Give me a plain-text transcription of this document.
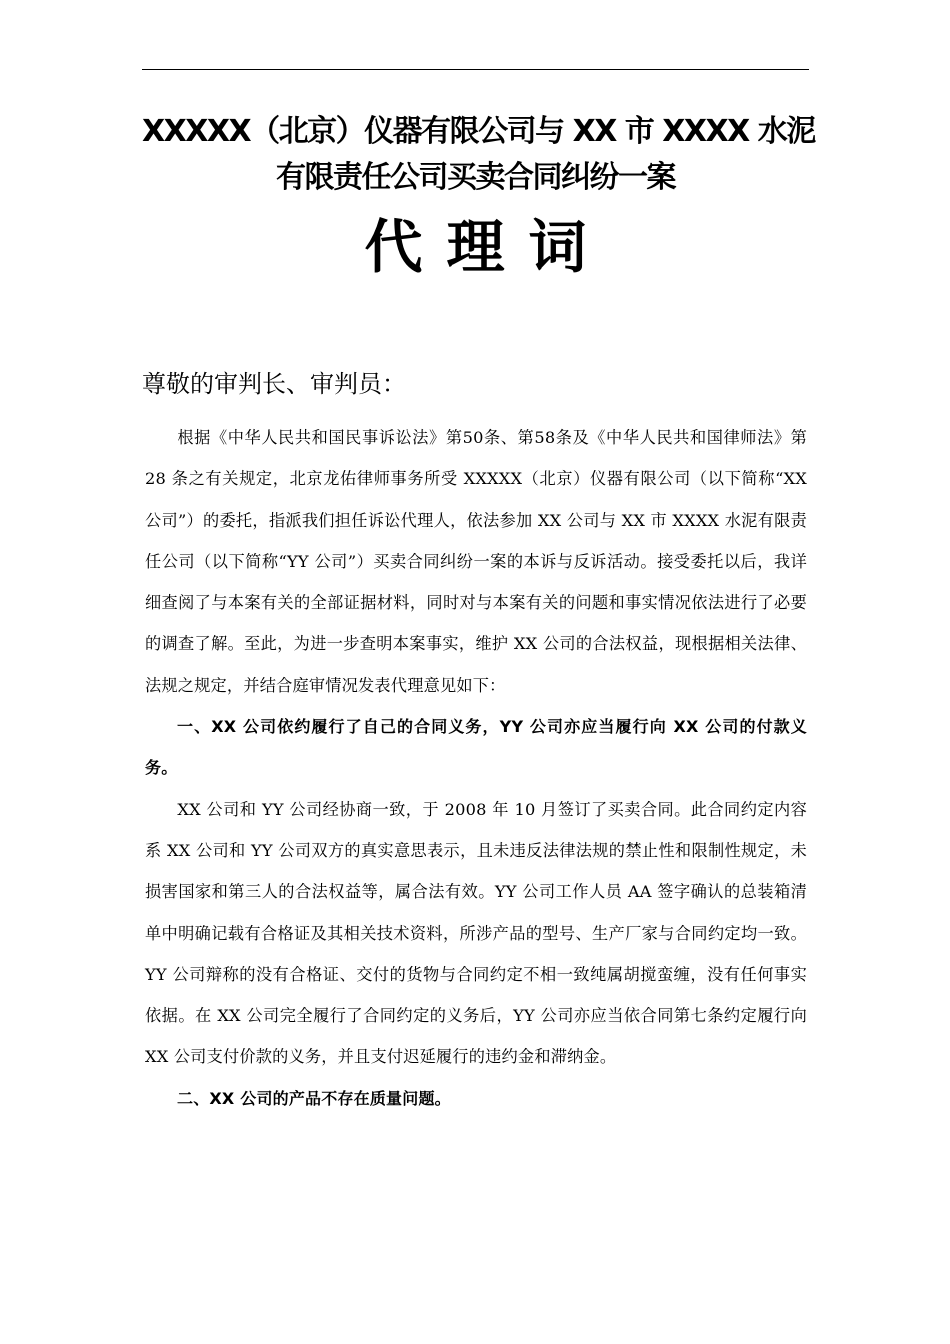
XXXXX（北京）仪器有限公司与 XX 市 XXXX 水泥
有限责任公司买卖合同纠纷一案
代理词
尊敬的审判长、审判员：

根据《中华人民共和国民事诉讼法》第50条、第58条及《中华人民共和国律师法》第 28 条之有关规定，北京龙佑律师事务所受 XXXXX（北京）仪器有限公司（以下简称“XX 公司”）的委托，指派我们担任诉讼代理人，依法参加 XX 公司与 XX 市 XXXX 水泥有限责任公司（以下简称“YY 公司”）买卖合同纠纷一案的本诉与反诉活动。接受委托以后，我详细查阅了与本案有关的全部证据材料，同时对与本案有关的问题和事实情况依法进行了必要的调查了解。至此，为进一步查明本案事实，维护 XX 公司的合法权益，现根据相关法律、法规之规定，并结合庭审情况发表代理意见如下：

一、XX 公司依约履行了自己的合同义务，YY 公司亦应当履行向 XX 公司的付款义务。

XX 公司和 YY 公司经协商一致，于 2008 年 10 月签订了买卖合同。此合同约定内容系 XX 公司和 YY 公司双方的真实意思表示，且未违反法律法规的禁止性和限制性规定，未损害国家和第三人的合法权益等，属合法有效。YY 公司工作人员 AA 签字确认的总装箱清单中明确记载有合格证及其相关技术资料，所涉产品的型号、生产厂家与合同约定均一致。YY 公司辩称的没有合格证、交付的货物与合同约定不相一致纯属胡搅蛮缠，没有任何事实依据。在 XX 公司完全履行了合同约定的义务后，YY 公司亦应当依合同第七条约定履行向 XX 公司支付价款的义务，并且支付迟延履行的违约金和滞纳金。

二、XX 公司的产品不存在质量问题。
